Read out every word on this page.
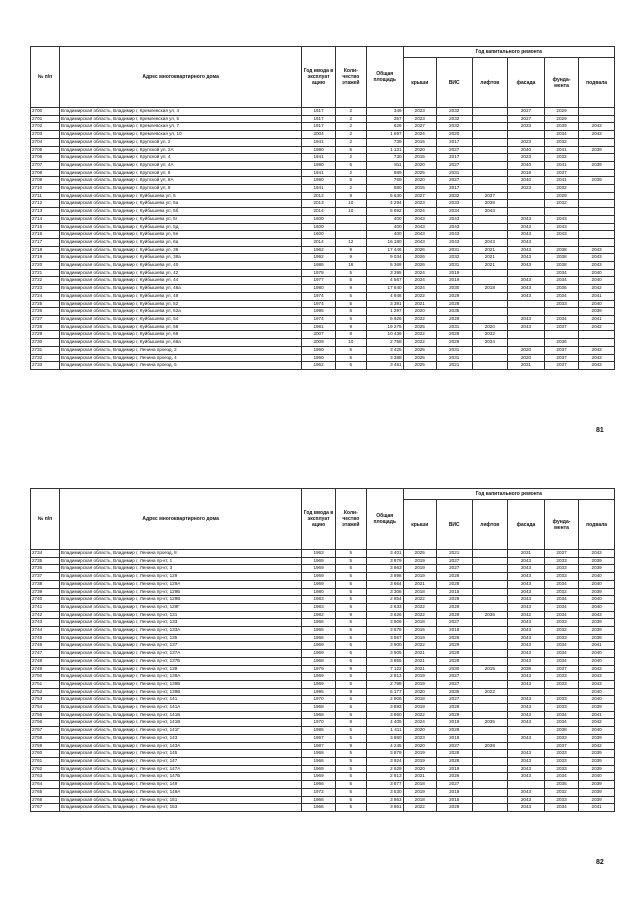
№ п/п	Адрес многоквартирного дома	Год ввода в эксплуат ацию	Коли-чество этажей	Общая площадь	Год капитального ремонта					
					крыши	ВИС	лифтов	фасада	фунда-мента	подвала
2700	Владимирская область, Владимир г, Кремлевская ул, 4	1917	2	349	2023	2032		2027	2029	
2701	Владимирская область, Владимир г, Кремлевская ул, 5	1917	2	357	2023	2032		2027	2029	
2702	Владимирская область, Владимир г, Кремлевская ул, 7	1917	2	626	2027	2032		2033	2039	2043
2703	Владимирская область, Владимир г, Кремлевская ул, 10	2004	2	1 697	2024	2020			2034	2043
2704	Владимирская область, Владимир г, Крупской ул, 2	1941	2	739	2015	2017		2023	2032	
2705	Владимирская область, Владимир г, Крупской ул, 2А	1980	5	1 131	2020	2027		2040	2041	2039
2706	Владимирская область, Владимир г, Крупской ул, 4	1941	2	730	2015	2017		2023	2032	
2707	Владимирская область, Владимир г, Крупской ул, 4А	1980	5	811	2020	2027		2040	2041	2039
2708	Владимирская область, Владимир г, Крупской ул, 8	1941	2	689	2025	2031		2018	2037	
2709	Владимирская область, Владимир г, Крупской ул, 8А	1980	5	769	2020	2027		2040	2041	2039
2710	Владимирская область, Владимир г, Крупской ул, 9	1941	2	680	2015	2017		2023	2032	
2711	Владимирская область, Владимир г, Куйбышева ул, 5	2012	9	5 630	2027	2032	2037		2029	
2712	Владимирская область, Владимир г, Куйбышева ул, 5а	2013	10	4 294	2023	2033	2038		2032	
2713	Владимирская область, Владимир г, Куйбышева ул, 5б	2014	10	5 692	2024	2034	2043			
2714	Владимирская область, Владимир г, Куйбышева ул, 5г	1600		400	2043	2043		2043	2043	
2715	Владимирская область, Владимир г, Куйбышева ул, 5д	1600		400	2043	2043		2043	2043	
2716	Владимирская область, Владимир г, Куйбышева ул, 5е	1600		400	2043	2043		2043	2043	
2717	Владимирская область, Владимир г, Куйбышева ул, 6а	2014	12	16 180	2043	2043	2043	2043		
2718	Владимирская область, Владимир г, Куйбышева ул, 36	1962	9	17 446	2026	2031	2021	2043	2038	2043
2719	Владимирская область, Владимир г, Куйбышева ул, 38а	1992	9	9 034	2026	2032	2021	2043	2038	2043
2720	Владимирская область, Владимир г, Куйбышева ул, 40	1986	16	5 369	2026	2031	2021	2043	2038	2043
2721	Владимирская область, Владимир г, Куйбышева ул, 42	1978	5	3 395	2024	2019			2034	2040
2722	Владимирская область, Владимир г, Куйбышева ул, 44	1977	5	4 567	2024	2019		2043	2034	2040
2723	Владимирская область, Владимир г, Куйбышева ул, 46а	1980	9	17 640	2024	2030	2018	2043	2036	2042
2724	Владимирская область, Владимир г, Куйбышева ул, 48	1974	5	4 948	2022	2029		2043	2034	2041
2725	Владимирская область, Владимир г, Куйбышева ул, 52	1974	5	3 391	2021	2028			2033	2040
2726	Владимирская область, Владимир г, Куйбышева ул, 52а	1995	6	1 297	2020	2035				2039
2727	Владимирская область, Владимир г, Куйбышева ул, 54	1974	5	6 926	2022	2029		2043	2034	2041
2728	Владимирская область, Владимир г, Куйбышева ул, 58	1981	9	19 275	2025	2031	2020	2043	2037	2042
2729	Владимирская область, Владимир г, Куйбышева ул, 66	2007	8	10 436	2022	2028	2032			
2730	Владимирская область, Владимир г, Куйбышева ул, 66а	2009	10	2 758	2022	2029	2034		2036	
2731	Владимирская область, Владимир г, Ленина проезд, 2	1960	5	3 425	2025	2031		2020	2037	2043
2732	Владимирская область, Владимир г, Ленина проезд, 4	1960	5	3 388	2025	2031		2020	2037	2043
2733	Владимирская область, Владимир г, Ленина проезд, 5	1962	5	3 451	2025	2021		2031	2037	2043
81
№ п/п	Адрес многоквартирного дома	Год ввода в эксплуат ацию	Коли-чество этажей	Общая площадь	Год капитального ремонта					
					крыши	ВИС	лифтов	фасада	фунда-мента	подвала
2734	Владимирская область, Владимир г, Ленина проезд, 8	1963	5	3 401	2025	2021		2031	2037	2043
2735	Владимирская область, Владимир г, Ленина пр-кт, 1	1969	5	3 879	2019	2027		2043	2033	2039
2736	Владимирская область, Владимир г, Ленина пр-кт, 3	1969	5	3 863	2019	2027		2043	2033	2039
2737	Владимирская область, Владимир г, Ленина пр-кт, 129	1969	5	3 898	2019	2028		2043	2033	2040
2738	Владимирская область, Владимир г, Ленина пр-кт, 129А	1969	5	3 664	2021	2028		2043	2034	2040
2739	Владимирская область, Владимир г, Ленина пр-кт, 129Б	1980	5	3 308	2018	2015		2043	2032	2039
2740	Владимирская область, Владимир г, Ленина пр-кт, 129В	1983	5	2 854	2022	2029		2043	2034	2040
2741	Владимирская область, Владимир г, Ленина пр-кт, 129Г	1983	5	2 633	2022	2029		2043	2034	2040
2742	Владимирская область, Владимир г, Ленина пр-кт, 131	1982	9	3 626	2022	2029	2035	2042	2034	2043
2743	Владимирская область, Владимир г, Ленина пр-кт, 133	1966	5	3 906	2018	2027		2043	2033	2039
2744	Владимирская область, Владимир г, Ленина пр-кт, 133А	1965	5	3 876	2015	2018		2043	2032	2039
2745	Владимирская область, Владимир г, Ленина пр-кт, 135	1966	5	3 567	2019	2026		2043	2033	2038
2746	Владимирская область, Владимир г, Ленина пр-кт, 137	1969	5	3 900	2022	2029		2043	2034	2041
2747	Владимирская область, Владимир г, Ленина пр-кт, 137А	1969	5	3 905	2021	2028		2043	2034	2040
2748	Владимирская область, Владимир г, Ленина пр-кт, 137Б	1968	5	3 855	2021	2028		2043	2034	2040
2749	Владимирская область, Владимир г, Ленина пр-кт, 139	1979	9	7 122	2021	2030	2015	2038	2037	2043
2750	Владимирская область, Владимир г, Ленина пр-кт, 139А	1969	5	2 813	2019	2027		2043	2033	2043
2751	Владимирская область, Владимир г, Ленина пр-кт, 139Б	1969	5	2 798	2019	2027		2043	2033	2043
2752	Владимирская область, Владимир г, Ленина пр-кт, 139В	1995	9	6 177	2020	2035	2022			2040
2753	Владимирская область, Владимир г, Ленина пр-кт, 141	1970	5	2 806	2018	2027		2043	2033	2040
2754	Владимирская область, Владимир г, Ленина пр-кт, 141А	1968	5	3 893	2019	2028		2043	2033	2039
2755	Владимирская область, Владимир г, Ленина пр-кт, 141Б	1968	5	3 860	2022	2029		2043	2034	2041
2756	Владимирская область, Владимир г, Ленина пр-кт, 141В	1970	9	4 405	2024	2019	2035	2043	2034	2042
2757	Владимирская область, Владимир г, Ленина пр-кт, 141Г	1985	5	1 411	2020	2028			2038	2040
2758	Владимирская область, Владимир г, Ленина пр-кт, 143	1967	5	3 860	2023	2018		2043	2033	2039
2759	Владимирская область, Владимир г, Ленина пр-кт, 143А	1987	9	4 245	2020	2027	2038		2037	2042
2760	Владимирская область, Владимир г, Ленина пр-кт, 145	1968	5	3 879	2019	2028		2043	2033	2039
2761	Владимирская область, Владимир г, Ленина пр-кт, 147	1966	5	3 924	2019	2028		2043	2033	2039
2762	Владимирская область, Владимир г, Ленина пр-кт, 147А	1969	5	2 629	2020	2019		2043	2033	2039
2763	Владимирская область, Владимир г, Ленина пр-кт, 147Б	1969	5	2 813	2021	2026		2043	2034	2040
2764	Владимирская область, Владимир г, Ленина пр-кт, 149	1966	5	3 877	2018	2027			2035	2039
2765	Владимирская область, Владимир г, Ленина пр-кт, 149А	1972	5	3 530	2019	2019		2043	2032	2039
2766	Владимирская область, Владимир г, Ленина пр-кт, 151	1966	5	3 863	2018	2015		2043	2033	2039
2767	Владимирская область, Владимир г, Ленина пр-кт, 153	1966	5	3 861	2022	2029		2043	2034	2041
82
